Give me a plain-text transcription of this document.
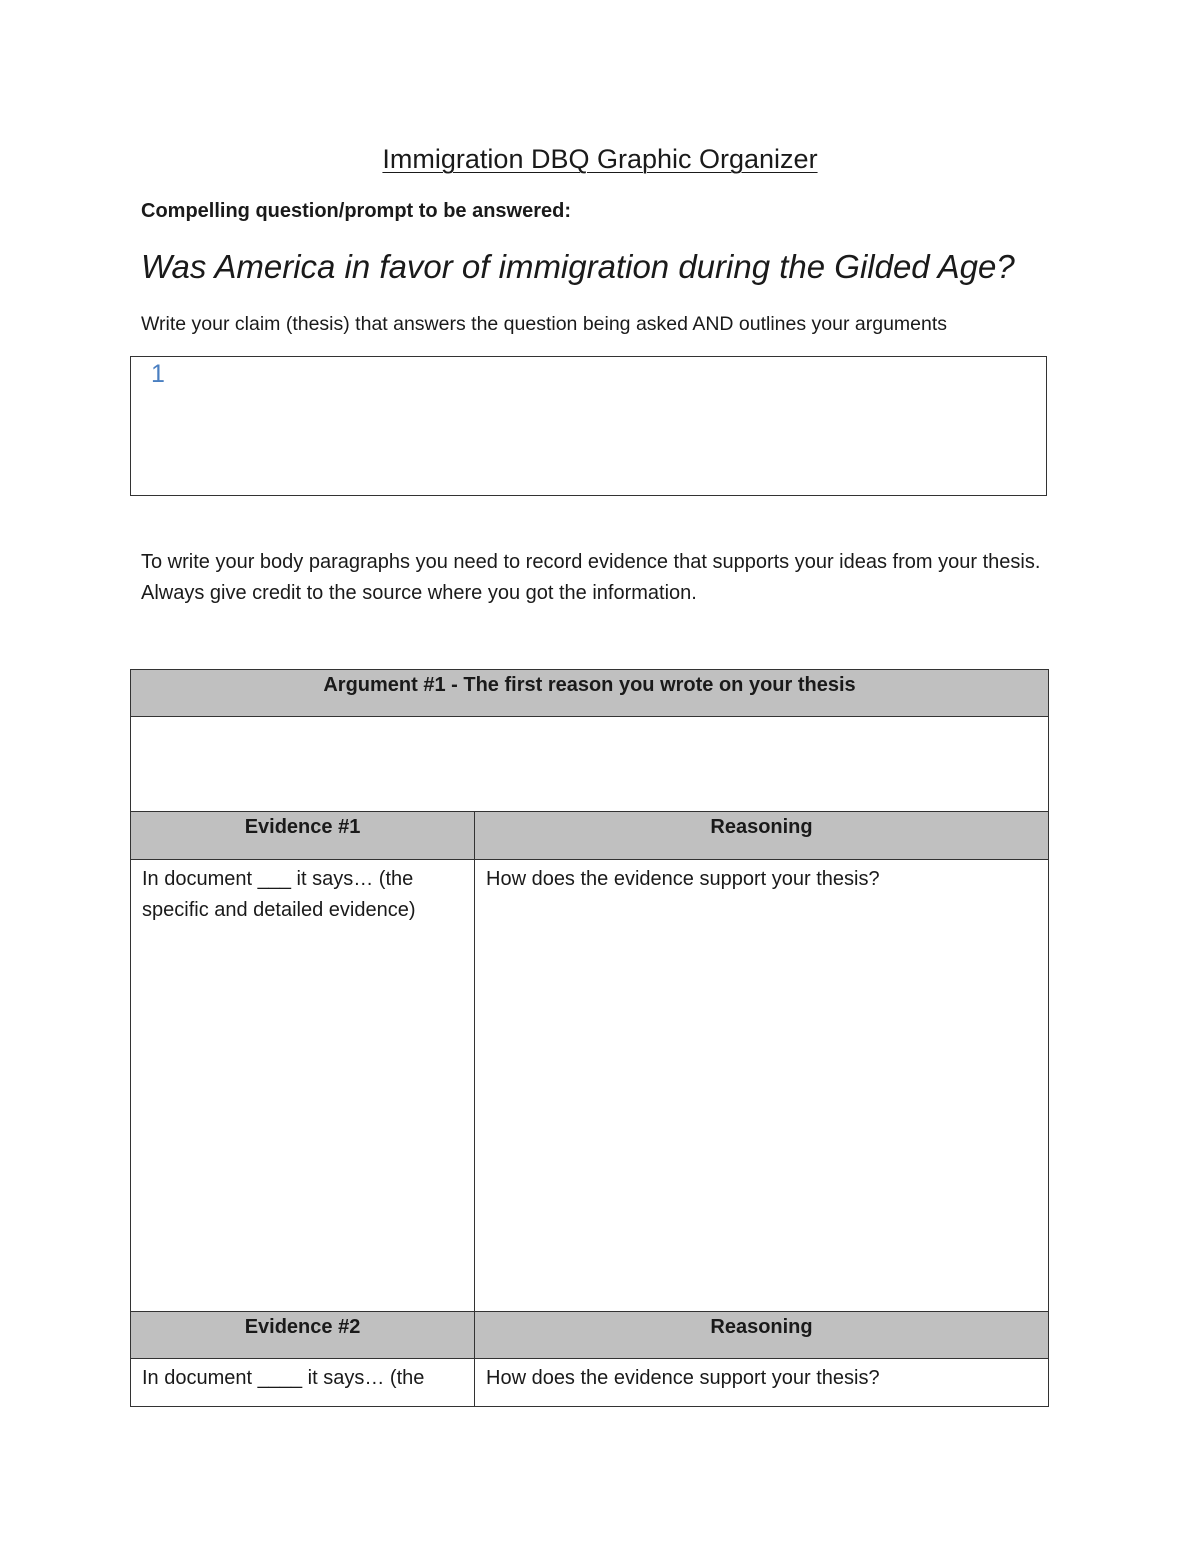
Immigration DBQ Graphic Organizer
Compelling question/prompt to be answered:
Was America in favor of immigration during the Gilded Age?
Write your claim (thesis) that answers the question being asked AND outlines your arguments
1
To write your body paragraphs you need to record evidence that supports your ideas from your thesis. Always give credit to the source where you got the information.
Argument #1 - The first reason you wrote on your thesis	

Evidence #1	Reasoning

In document ___ it says… (the specific and detailed evidence)	How does the evidence support your thesis?

Evidence #2	Reasoning

In document ____ it says… (the	How does the evidence support your thesis?
